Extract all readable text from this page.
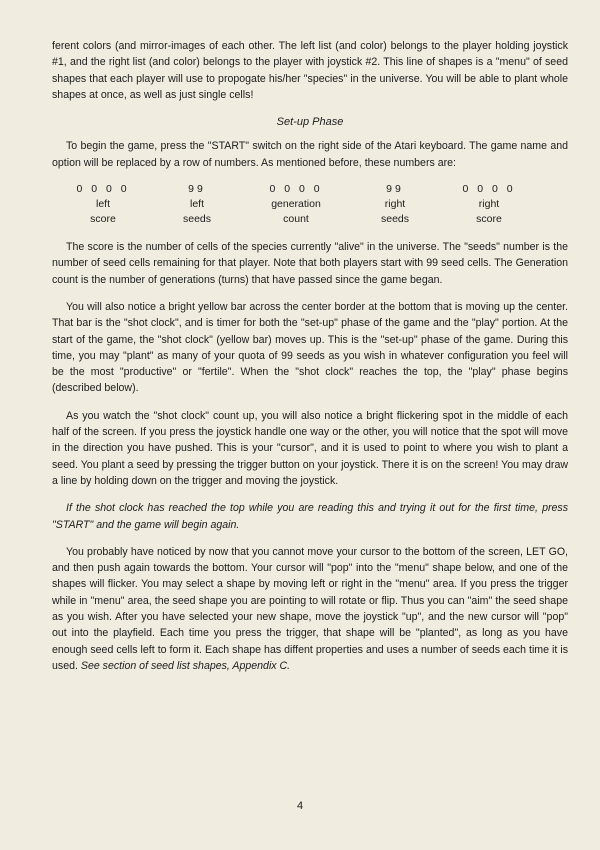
ferent colors (and mirror-images of each other. The left list (and color) belongs to the player holding joystick #1, and the right list (and color) belongs to the player with joystick #2. This line of shapes is a "menu" of seed shapes that each player will use to propogate his/her "species" in the universe. You will be able to plant whole shapes at once, as well as just single cells!

Set-up Phase

To begin the game, press the "START" switch on the right side of the Atari keyboard. The game name and option will be replaced by a row of numbers. As mentioned before, these numbers are:

0 0 0 0
left
score
99
left
seeds
0 0 0 0
generation
count
99
right
seeds
0 0 0 0
right
score

The score is the number of cells of the species currently "alive" in the universe. The "seeds" number is the number of seed cells remaining for that player. Note that both players start with 99 seed cells. The Generation count is the number of generations (turns) that have passed since the game began.

You will also notice a bright yellow bar across the center border at the bottom that is moving up the center. That bar is the "shot clock", and is timer for both the "set-up" phase of the game and the "play" portion. At the start of the game, the "shot clock" (yellow bar) moves up. This is the "set-up" phase of the game. During this time, you may "plant" as many of your quota of 99 seeds as you wish in whatever configuration you feel will be the most "productive" or "fertile". When the "shot clock" reaches the top, the "play" phase begins (described below).

As you watch the "shot clock" count up, you will also notice a bright flickering spot in the middle of each half of the screen. If you press the joystick handle one way or the other, you will notice that the spot will move in the direction you have pushed. This is your "cursor", and it is used to point to where you wish to plant a seed. You plant a seed by pressing the trigger button on your joystick. There it is on the screen! You may draw a line by holding down on the trigger and moving the joystick.

If the shot clock has reached the top while you are reading this and trying it out for the first time, press "START" and the game will begin again.

You probably have noticed by now that you cannot move your cursor to the bottom of the screen, LET GO, and then push again towards the bottom. Your cursor will "pop" into the "menu" shape below, and one of the shapes will flicker. You may select a shape by moving left or right in the "menu" area. If you press the trigger while in "menu" area, the seed shape you are pointing to will rotate or flip. Thus you can "aim" the seed shape as you wish. After you have selected your new shape, move the joystick "up", and the new cursor will "pop" out into the playfield. Each time you press the trigger, that shape will be "planted", as long as you have enough seed cells left to form it. Each shape has diffent properties and uses a number of seeds each time it is used. See section of seed list shapes, Appendix C.

4
